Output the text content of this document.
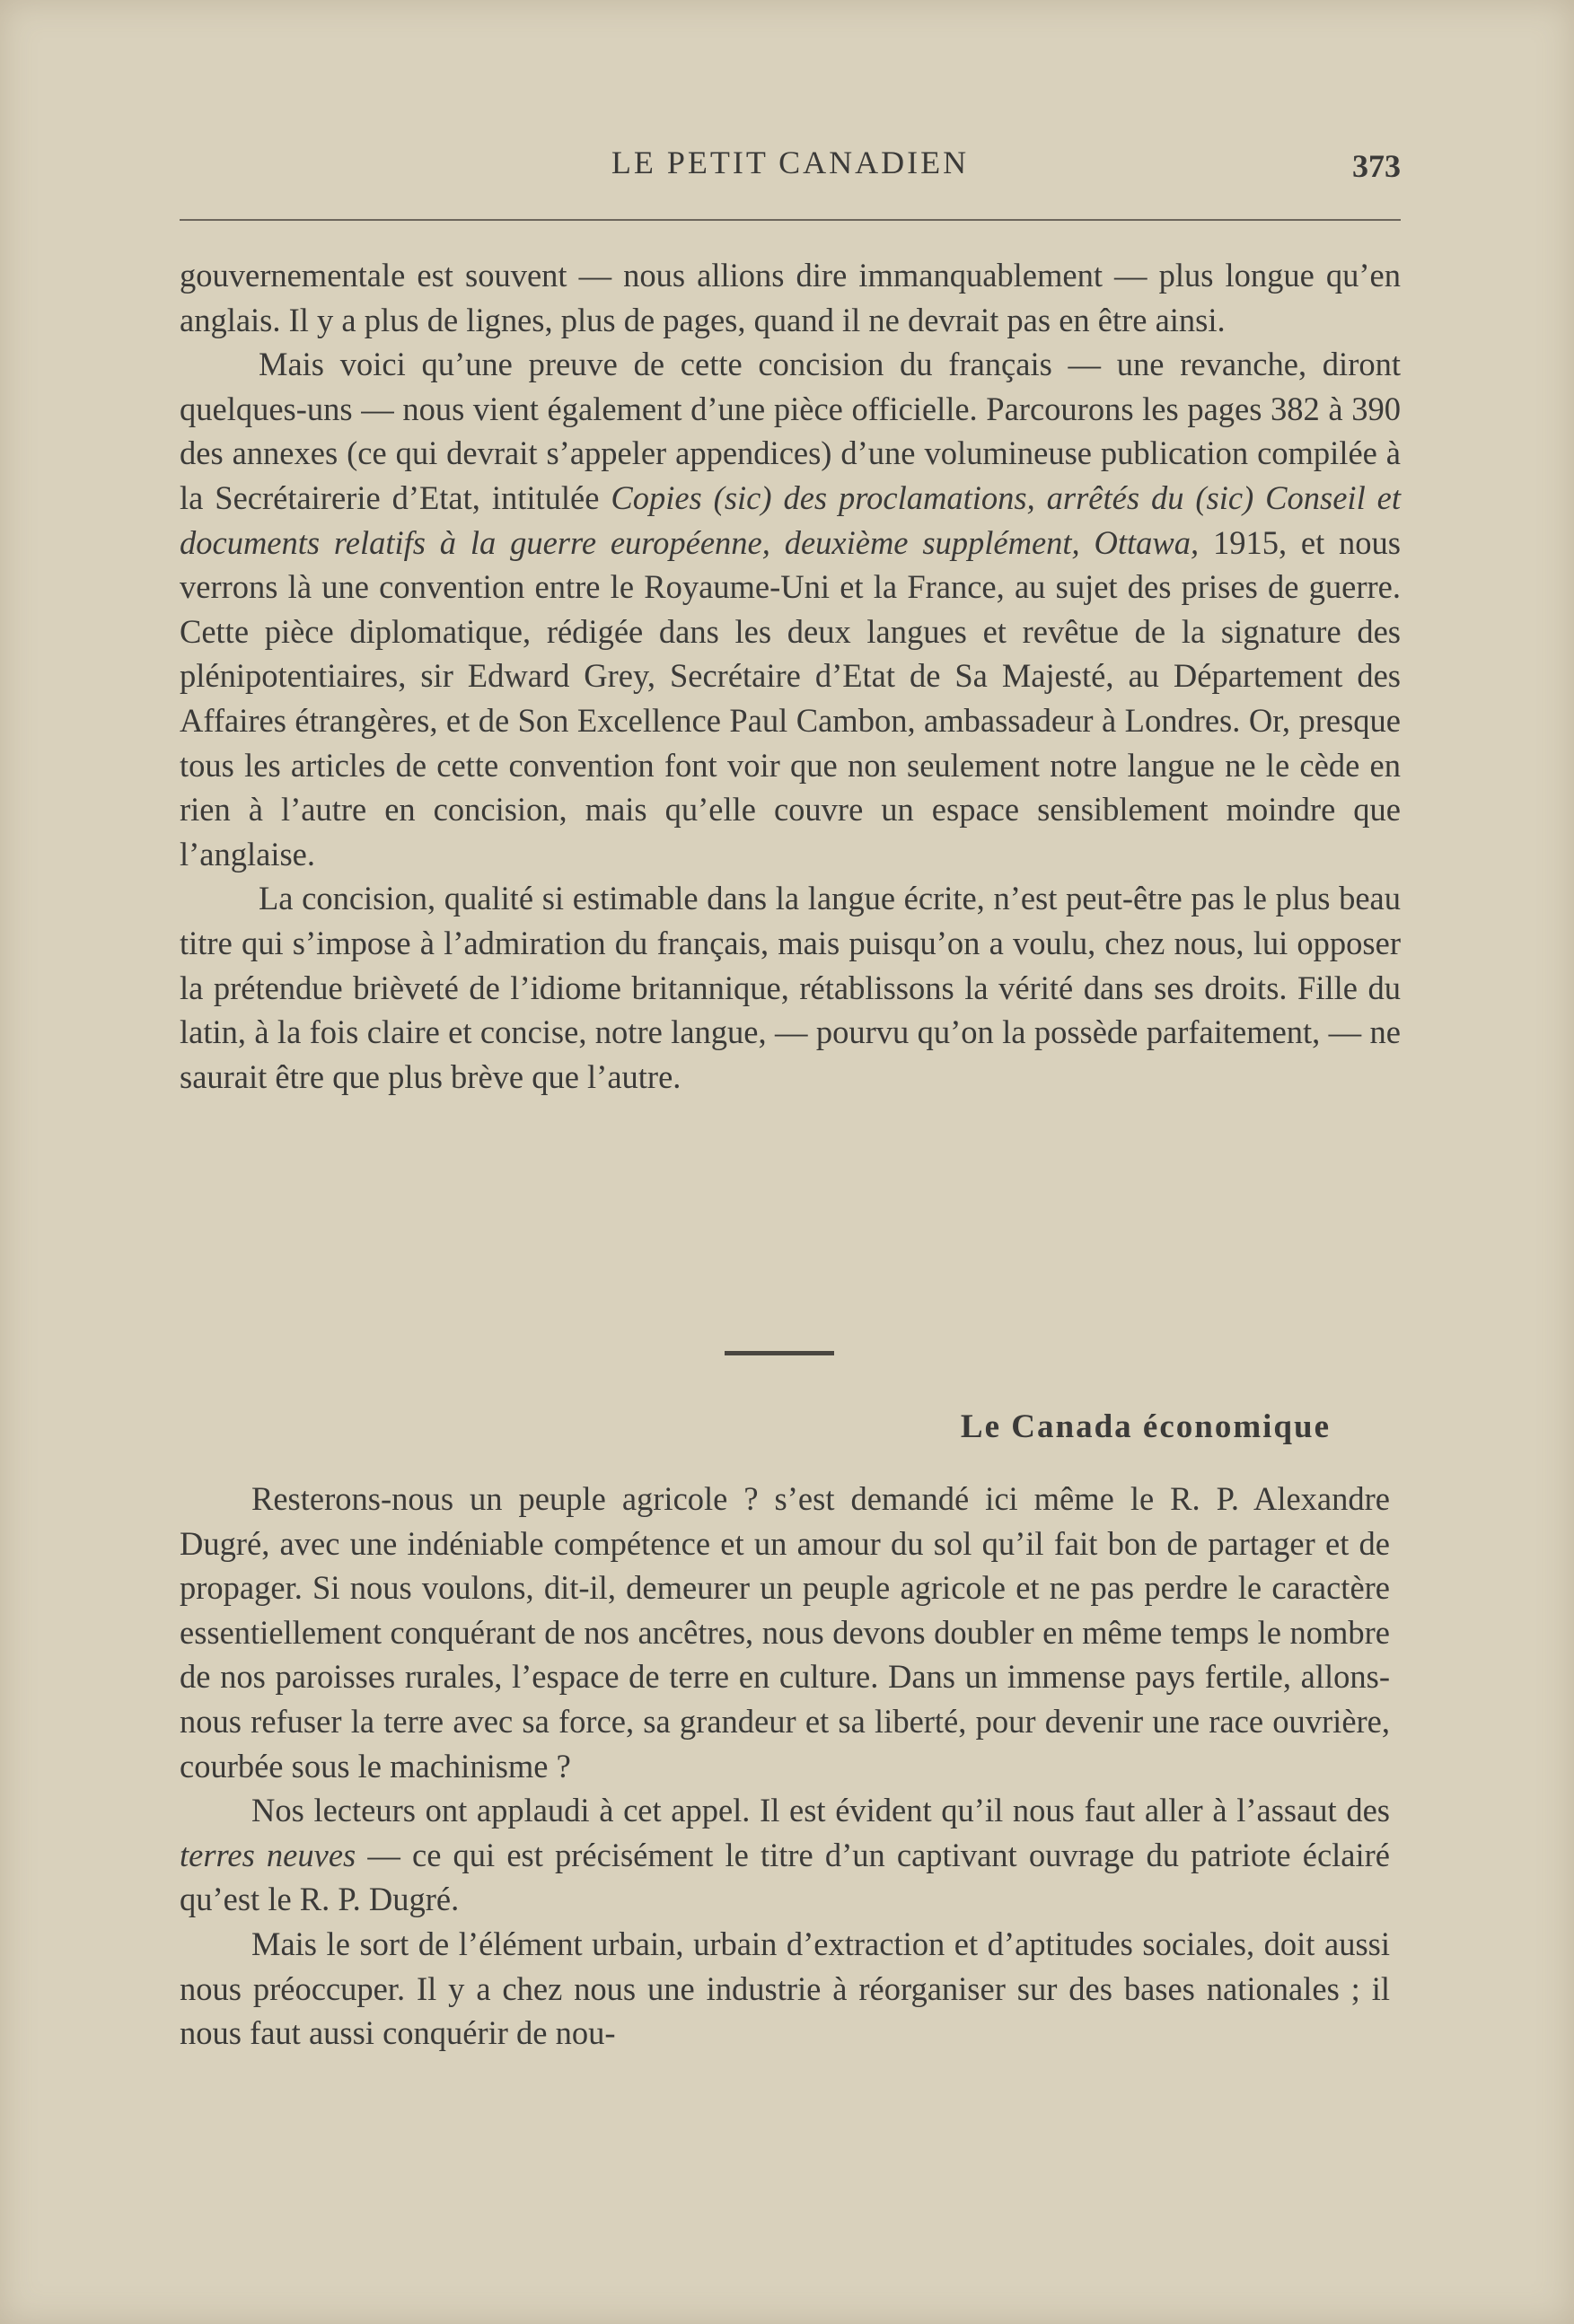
LE PETIT CANADIEN	373

gouvernementale est souvent — nous allions dire immanquablement — plus longue qu’en anglais. Il y a plus de lignes, plus de pages, quand il ne devrait pas en être ainsi.

Mais voici qu’une preuve de cette concision du français — une revanche, diront quelques-uns — nous vient également d’une pièce officielle. Parcourons les pages 382 à 390 des annexes (ce qui devrait s’appeler appendices) d’une volumineuse publication compilée à la Secrétairerie d’Etat, intitulée Copies (sic) des proclamations, arrêtés du (sic) Conseil et documents relatifs à la guerre européenne, deuxième supplément, Ottawa, 1915, et nous verrons là une convention entre le Royaume-Uni et la France, au sujet des prises de guerre. Cette pièce diplomatique, rédigée dans les deux langues et revêtue de la signature des plénipotentiaires, sir Edward Grey, Secrétaire d’Etat de Sa Majesté, au Département des Affaires étrangères, et de Son Excellence Paul Cambon, ambassadeur à Londres. Or, presque tous les articles de cette convention font voir que non seulement notre langue ne le cède en rien à l’autre en concision, mais qu’elle couvre un espace sensiblement moindre que l’anglaise.

La concision, qualité si estimable dans la langue écrite, n’est peut-être pas le plus beau titre qui s’impose à l’admiration du français, mais puisqu’on a voulu, chez nous, lui opposer la prétendue brièveté de l’idiome britannique, rétablissons la vérité dans ses droits. Fille du latin, à la fois claire et concise, notre langue, — pourvu qu’on la possède parfaitement, — ne saurait être que plus brève que l’autre.

Le Canada économique

Resterons-nous un peuple agricole ? s’est demandé ici même le R. P. Alexandre Dugré, avec une indéniable compétence et un amour du sol qu’il fait bon de partager et de propager. Si nous voulons, dit-il, demeurer un peuple agricole et ne pas perdre le caractère essentiellement conquérant de nos ancêtres, nous devons doubler en même temps le nombre de nos paroisses rurales, l’espace de terre en culture. Dans un immense pays fertile, allons-nous refuser la terre avec sa force, sa grandeur et sa liberté, pour devenir une race ouvrière, courbée sous le machinisme ?

Nos lecteurs ont applaudi à cet appel. Il est évident qu’il nous faut aller à l’assaut des terres neuves — ce qui est précisément le titre d’un captivant ouvrage du patriote éclairé qu’est le R. P. Dugré.

Mais le sort de l’élément urbain, urbain d’extraction et d’aptitudes sociales, doit aussi nous préoccuper. Il y a chez nous une industrie à réorganiser sur des bases nationales ; il nous faut aussi conquérir de nou-
